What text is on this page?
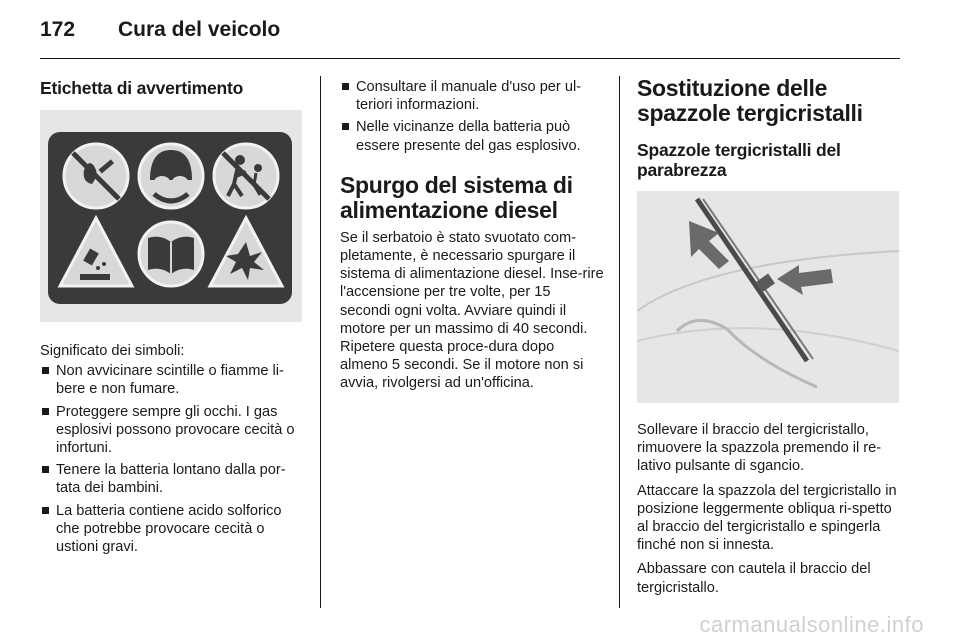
172	Cura del veicolo
Etichetta di avvertimento

Significato dei simboli:

Non avvicinare scintille o fiamme li-bere e non fumare.
Proteggere sempre gli occhi. I gas esplosivi possono provocare cecità o infortuni.
Tenere la batteria lontano dalla por-tata dei bambini.
La batteria contiene acido solforico che potrebbe provocare cecità o ustioni gravi.
Consultare il manuale d'uso per ul-teriori informazioni.
Nelle vicinanze della batteria può essere presente del gas esplosivo.
Spurgo del sistema di
alimentazione diesel

Se il serbatoio è stato svuotato com-pletamente, è necessario spurgare il sistema di alimentazione diesel. Inse-rire l'accensione per tre volte, per 15 secondi ogni volta. Avviare quindi il motore per un massimo di 40 secondi. Ripetere questa proce-dura dopo almeno 5 secondi. Se il motore non si avvia, rivolgersi ad un'officina.

Sostituzione delle
spazzole tergicristalli
Spazzole tergicristalli del
parabrezza

Sollevare il braccio del tergicristallo, rimuovere la spazzola premendo il re-lativo pulsante di sgancio.

Attaccare la spazzola del tergicristallo in posizione leggermente obliqua ri-spetto al braccio del tergicristallo e spingerla finché non si innesta.

Abbassare con cautela il braccio del tergicristallo.

carmanualsonline.info
